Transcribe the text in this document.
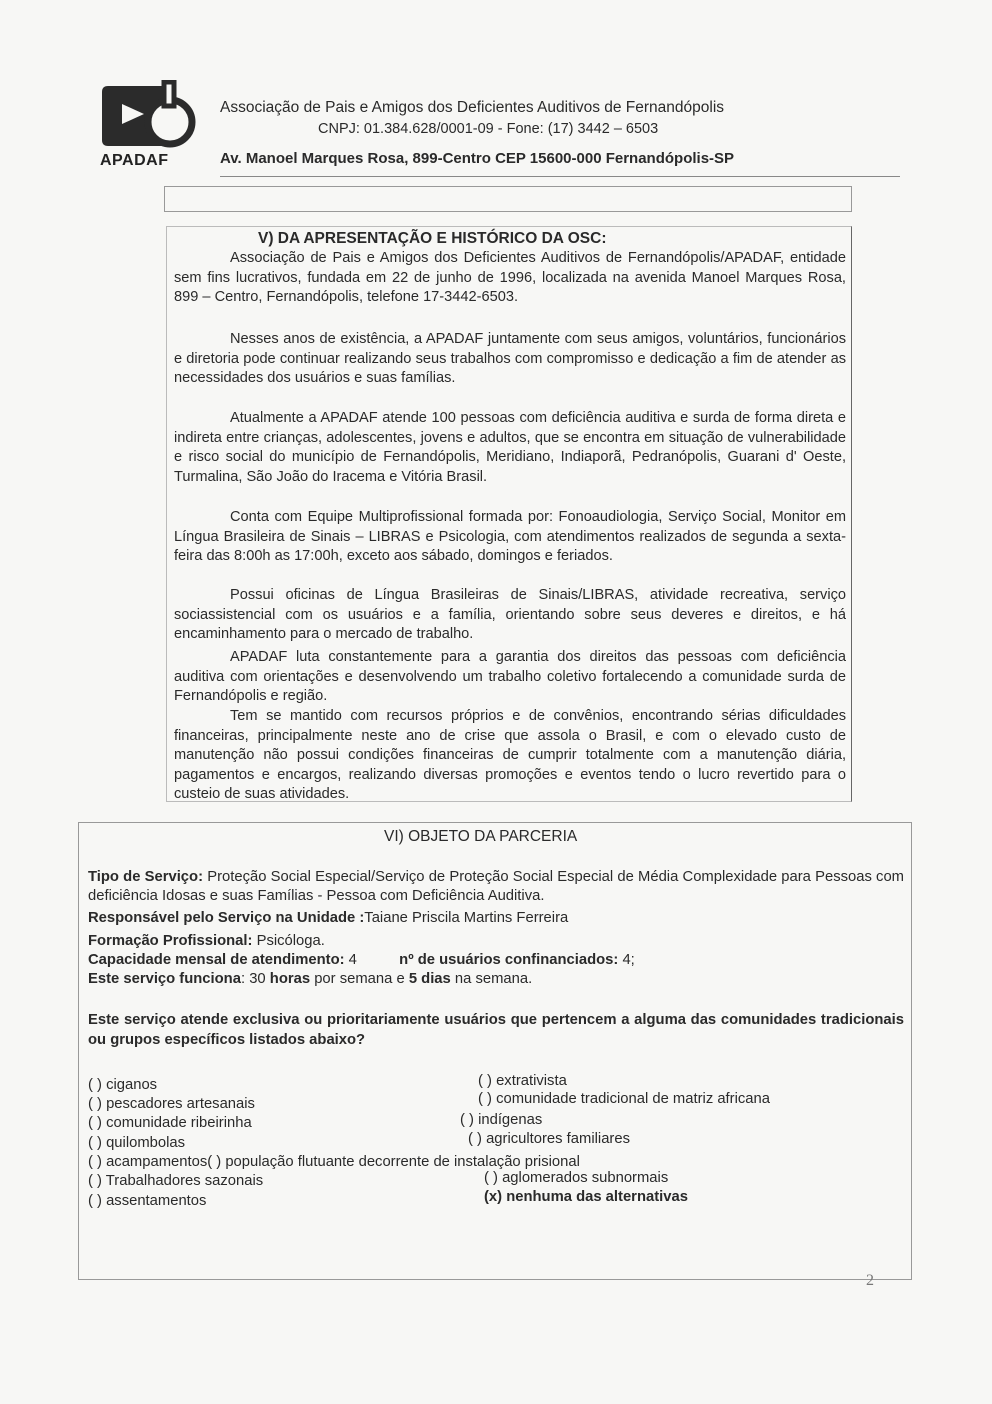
APADAF
Associação de Pais e Amigos dos Deficientes Auditivos de Fernandópolis
CNPJ: 01.384.628/0001-09 - Fone: (17) 3442 – 6503
Av. Manoel Marques Rosa, 899-Centro CEP 15600-000 Fernandópolis-SP
V) DA APRESENTAÇÃO E HISTÓRICO DA OSC:

Associação de Pais e Amigos dos Deficientes Auditivos de Fernandópolis/APADAF, entidade sem fins lucrativos, fundada em 22 de junho de 1996, localizada na avenida Manoel Marques Rosa, 899 – Centro, Fernandópolis, telefone 17-3442-6503.

Nesses anos de existência, a APADAF juntamente com seus amigos, voluntários, funcionários e diretoria pode continuar realizando seus trabalhos com compromisso e dedicação a fim de atender as necessidades dos usuários e suas famílias.

Atualmente a APADAF atende 100 pessoas com deficiência auditiva e surda de forma direta e indireta entre crianças, adolescentes, jovens e adultos, que se encontra em situação de vulnerabilidade e risco social do município de Fernandópolis, Meridiano, Indiaporã, Pedranópolis, Guarani d' Oeste, Turmalina, São João do Iracema e Vitória Brasil.

Conta com Equipe Multiprofissional formada por: Fonoaudiologia, Serviço Social, Monitor em Língua Brasileira de Sinais – LIBRAS e Psicologia, com atendimentos realizados de segunda a sexta-feira das 8:00h as 17:00h, exceto aos sábado, domingos e feriados.

Possui oficinas de Língua Brasileiras de Sinais/LIBRAS, atividade recreativa, serviço sociassistencial com os usuários e a família, orientando sobre seus deveres e direitos, e há encaminhamento para o mercado de trabalho.

APADAF luta constantemente para a garantia dos direitos das pessoas com deficiência auditiva com orientações e desenvolvendo um trabalho coletivo fortalecendo a comunidade surda de Fernandópolis e região.

Tem se mantido com recursos próprios e de convênios, encontrando sérias dificuldades financeiras, principalmente neste ano de crise que assola o Brasil, e com o elevado custo de manutenção não possui condições financeiras de cumprir totalmente com a manutenção diária, pagamentos e encargos, realizando diversas promoções e eventos tendo o lucro revertido para o custeio de suas atividades.

VI) OBJETO DA PARCERIA

Tipo de Serviço: Proteção Social Especial/Serviço de Proteção Social Especial de Média Complexidade para Pessoas com deficiência Idosas e suas Famílias - Pessoa com Deficiência Auditiva.

Responsável pelo Serviço na Unidade :Taiane Priscila Martins Ferreira

Formação Profissional: Psicóloga.

Capacidade mensal de atendimento: 4	nº de usuários confinanciados: 4;

Este serviço funciona: 30 horas por semana e 5 dias na semana.

Este serviço atende exclusiva ou prioritariamente usuários que pertencem a alguma das comunidades tradicionais ou grupos específicos listados abaixo?

( ) ciganos
( ) pescadores artesanais
( ) comunidade ribeirinha
( ) quilombolas
( ) acampamentos( ) população flutuante decorrente de instalação prisional
( ) Trabalhadores sazonais
( ) assentamentos
( ) extrativista
( ) comunidade tradicional de matriz africana
( ) indígenas
( ) agricultores familiares
( ) aglomerados subnormais
(x) nenhuma das alternativas
2
